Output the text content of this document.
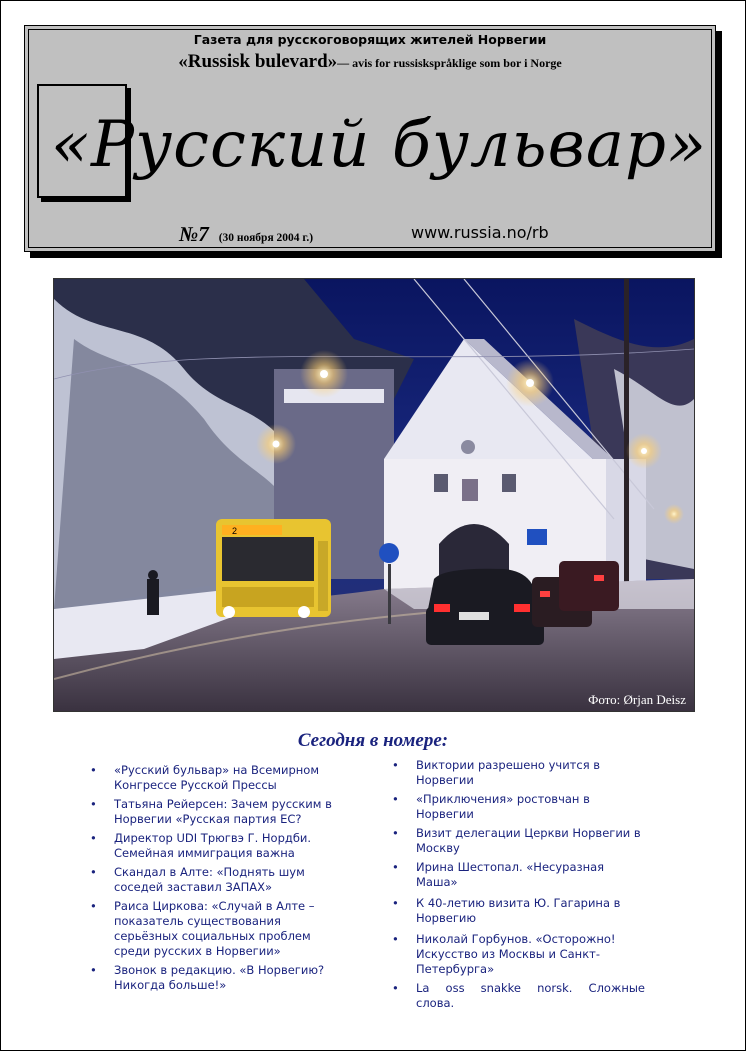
Газета для русскоговорящих жителей Норвегии
«Russisk bulevard»— avis for russiskspråklige som bor i Norge
«Русский бульвар»
№7 (30 ноября 2004 г.)	www.russia.no/rb
2
Фото: Ørjan Deisz
Сегодня в номере:
• «Русский бульвар» на Всемирном Конгрессе Русской Прессы
• Татьяна Рейерсен: Зачем русским в Норвегии «Русская партия ЕС?
• Директор UDI Трюгвэ Г. Нордби. Семейная иммиграция важна
• Скандал в Алте: «Поднять шум соседей заставил ЗАПАХ»
• Раиса Циркова: «Случай в Алте – показатель существования серьёзных социальных проблем среди русских в Норвегии»
• Звонок в редакцию. «В Норвегию? Никогда больше!»
• Виктории разрешено учится в Норвегии
• «Приключения» ростовчан в Норвегии
• Визит делегации Церкви Норвегии в Москву
• Ирина Шестопал. «Несуразная Маша»
• К 40-летию визита Ю. Гагарина в Норвегию
• Николай Горбунов. «Осторожно! Искусство из Москвы и Санкт-Петербурга»
• La oss snakke norsk. Сложные слова.
